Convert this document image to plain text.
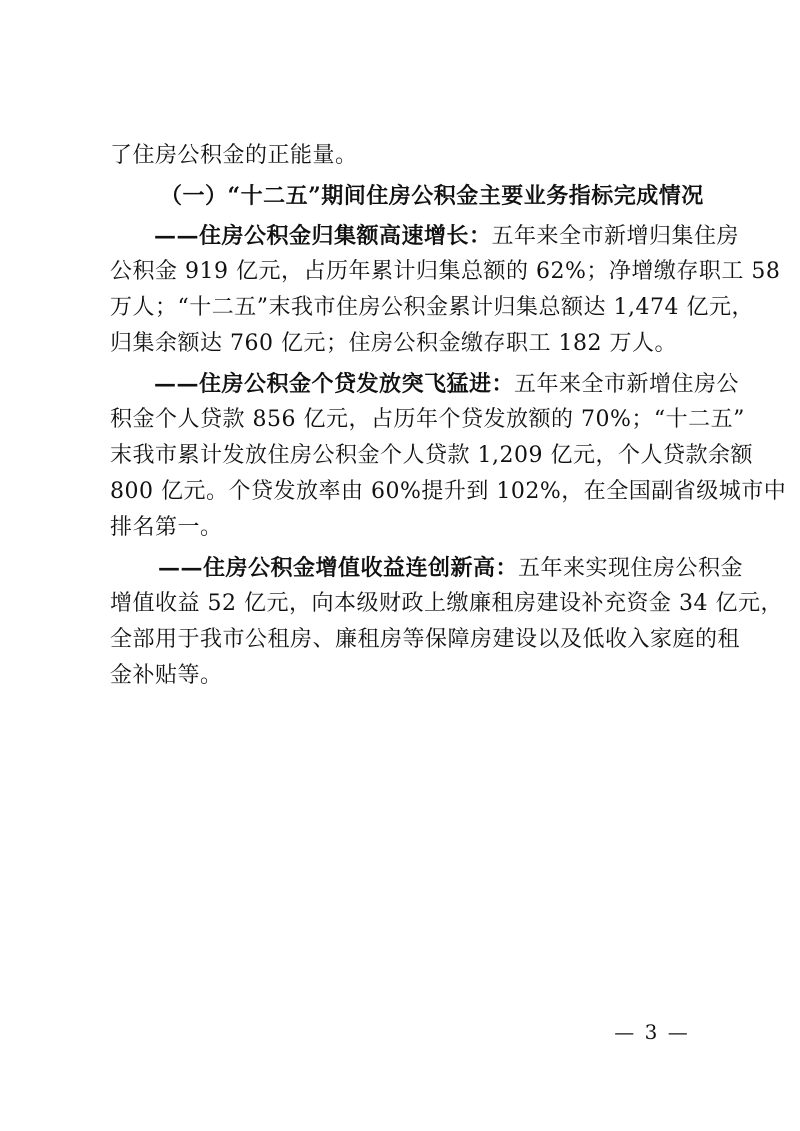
了住房公积金的正能量。
（一）“十二五”期间住房公积金主要业务指标完成情况
——住房公积金归集额高速增长：五年来全市新增归集住房
公积金 919 亿元，占历年累计归集总额的 62%；净增缴存职工 58
万人；“十二五”末我市住房公积金累计归集总额达 1,474 亿元，
归集余额达 760 亿元；住房公积金缴存职工 182 万人。
——住房公积金个贷发放突飞猛进：五年来全市新增住房公
积金个人贷款 856 亿元，占历年个贷发放额的 70%；“十二五”
末我市累计发放住房公积金个人贷款 1,209 亿元，个人贷款余额
800 亿元。个贷发放率由 60%提升到 102%，在全国副省级城市中
排名第一。
——住房公积金增值收益连创新高：五年来实现住房公积金
增值收益 52 亿元，向本级财政上缴廉租房建设补充资金 34 亿元，
全部用于我市公租房、廉租房等保障房建设以及低收入家庭的租
金补贴等。
— 3 —
